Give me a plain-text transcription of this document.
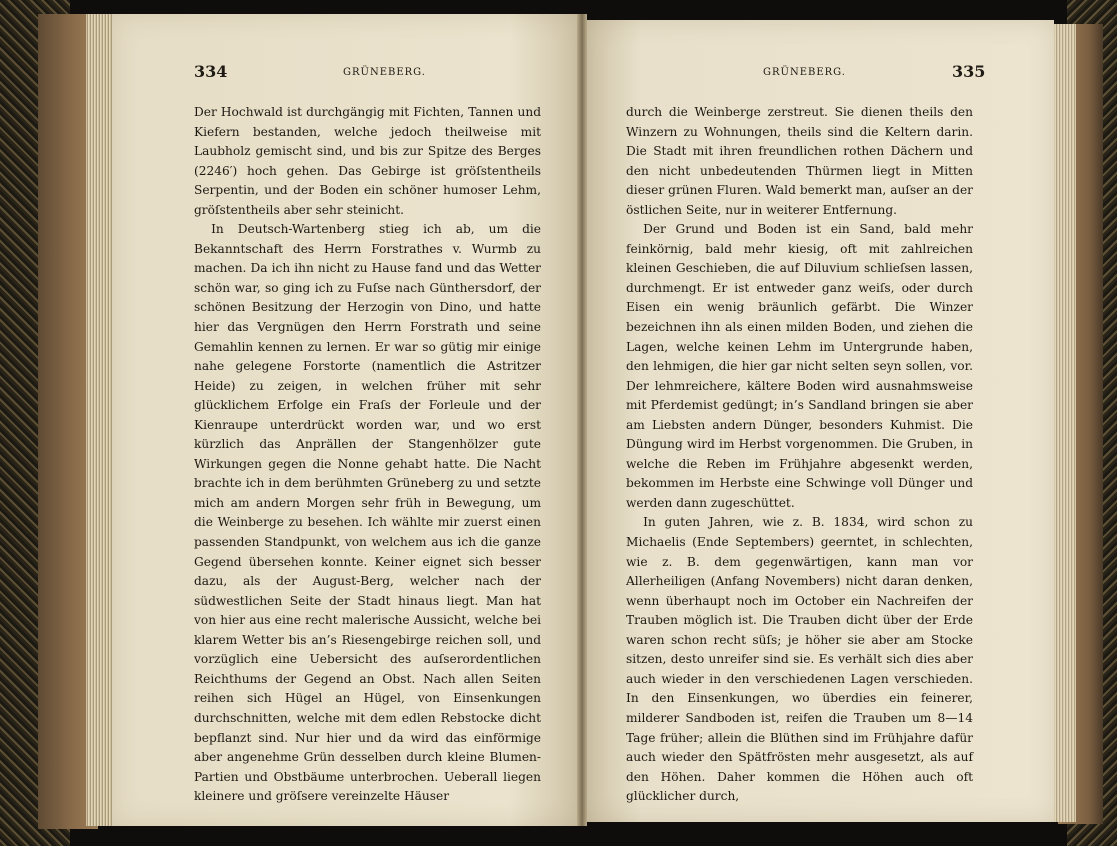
334	GRÜNEBERG.	GRÜNEBERG.	335

Der Hochwald ist durchgängig mit Fichten, Tannen und Kiefern bestanden, welche jedoch theilweise mit Laubholz gemischt sind, und bis zur Spitze des Berges (2246′) hoch gehen. Das Gebirge ist gröſstentheils Serpentin, und der Boden ein schöner humoser Lehm, gröſstentheils aber sehr steinicht.

In Deutsch-Wartenberg stieg ich ab, um die Bekanntschaft des Herrn Forstrathes v. Wurmb zu machen. Da ich ihn nicht zu Hause fand und das Wetter schön war, so ging ich zu Fuſse nach Günthersdorf, der schönen Besitzung der Herzogin von Dino, und hatte hier das Vergnügen den Herrn Forstrath und seine Gemahlin kennen zu lernen. Er war so gütig mir einige nahe gelegene Forstorte (namentlich die Astritzer Heide) zu zeigen, in welchen früher mit sehr glücklichem Erfolge ein Fraſs der Forleule und der Kienraupe unterdrückt worden war, und wo erst kürzlich das Anprällen der Stangenhölzer gute Wirkungen gegen die Nonne gehabt hatte. Die Nacht brachte ich in dem berühmten Grüneberg zu und setzte mich am andern Morgen sehr früh in Bewegung, um die Weinberge zu besehen. Ich wählte mir zuerst einen passenden Standpunkt, von welchem aus ich die ganze Gegend übersehen konnte. Keiner eignet sich besser dazu, als der August-Berg, welcher nach der südwestlichen Seite der Stadt hinaus liegt. Man hat von hier aus eine recht malerische Aussicht, welche bei klarem Wetter bis an’s Riesengebirge reichen soll, und vorzüglich eine Uebersicht des auſserordentlichen Reichthums der Gegend an Obst. Nach allen Seiten reihen sich Hügel an Hügel, von Einsenkungen durchschnitten, welche mit dem edlen Rebstocke dicht bepflanzt sind. Nur hier und da wird das einförmige aber angenehme Grün desselben durch kleine Blumen-Partien und Obstbäume unterbrochen. Ueberall liegen kleinere und gröſsere vereinzelte Häuser

durch die Weinberge zerstreut. Sie dienen theils den Winzern zu Wohnungen, theils sind die Keltern darin. Die Stadt mit ihren freundlichen rothen Dächern und den nicht unbedeutenden Thürmen liegt in Mitten dieser grünen Fluren. Wald bemerkt man, auſser an der östlichen Seite, nur in weiterer Entfernung.

Der Grund und Boden ist ein Sand, bald mehr feinkörnig, bald mehr kiesig, oft mit zahlreichen kleinen Geschieben, die auf Diluvium schlieſsen lassen, durchmengt. Er ist entweder ganz weiſs, oder durch Eisen ein wenig bräunlich gefärbt. Die Winzer bezeichnen ihn als einen milden Boden, und ziehen die Lagen, welche keinen Lehm im Untergrunde haben, den lehmigen, die hier gar nicht selten seyn sollen, vor. Der lehmreichere, kältere Boden wird ausnahmsweise mit Pferdemist gedüngt; in’s Sandland bringen sie aber am Liebsten andern Dünger, besonders Kuhmist. Die Düngung wird im Herbst vorgenommen. Die Gruben, in welche die Reben im Frühjahre abgesenkt werden, bekommen im Herbste eine Schwinge voll Dünger und werden dann zugeschüttet.

In guten Jahren, wie z. B. 1834, wird schon zu Michaelis (Ende Septembers) geerntet, in schlechten, wie z. B. dem gegenwärtigen, kann man vor Allerheiligen (Anfang Novembers) nicht daran denken, wenn überhaupt noch im October ein Nachreifen der Trauben möglich ist. Die Trauben dicht über der Erde waren schon recht süſs; je höher sie aber am Stocke sitzen, desto unreifer sind sie. Es verhält sich dies aber auch wieder in den verschiedenen Lagen verschieden. In den Einsenkungen, wo überdies ein feinerer, milderer Sandboden ist, reifen die Trauben um 8—14 Tage früher; allein die Blüthen sind im Frühjahre dafür auch wieder den Spätfrösten mehr ausgesetzt, als auf den Höhen. Daher kommen die Höhen auch oft glücklicher durch,
